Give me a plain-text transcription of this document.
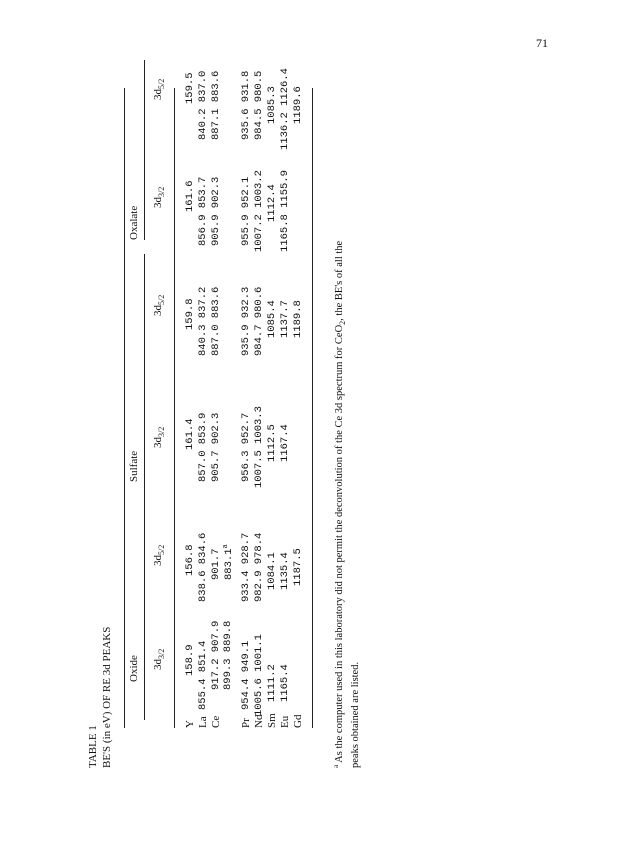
71
TABLE 1 BE'S (in eV) OF RE 3d PEAKS Oxide
Sulfate
Oxalate
$3d_{3/2}$
$3d_{5/2}$
$3d_{3/2}$
$3d_{5/2}$
$3d_{3/2}$
$3d_{5/2}$
Y La Ce Pr Nd Sm Eu Gd
158.9 855.4 851.4 917.2 907.9 899.3 889.8 954.4 949.1 1005.6 1001.1 1111.2 1165.4
156.8 838.6 834.6 901.7 883.1$^a$ 933.4 928.7 982.9 978.4 1084.1 1135.4 1187.5
161.4 857.0 853.9 905.7 902.3 956.3 952.7 1007.5 1003.3 1112.5 1167.4
159.8 840.3 837.2 887.0 883.6 935.9 932.3 984.7 980.6 1085.4 1137.7 1189.8
161.6 856.9 853.7 905.9 902.3 955.9 952.1 1007.2 1003.2 1112.4 1165.8 1155.9
159.5 840.2 837.0 887.1 883.6 935.6 931.8 984.5 980.5 1085.3 1136.2 1126.4 1189.6
$^a$ As the computer used in this laboratory did not permit the deconvolution of the Ce 3d spectrum for CeO$_2$, the BE's of all the
peaks obtained are listed.
